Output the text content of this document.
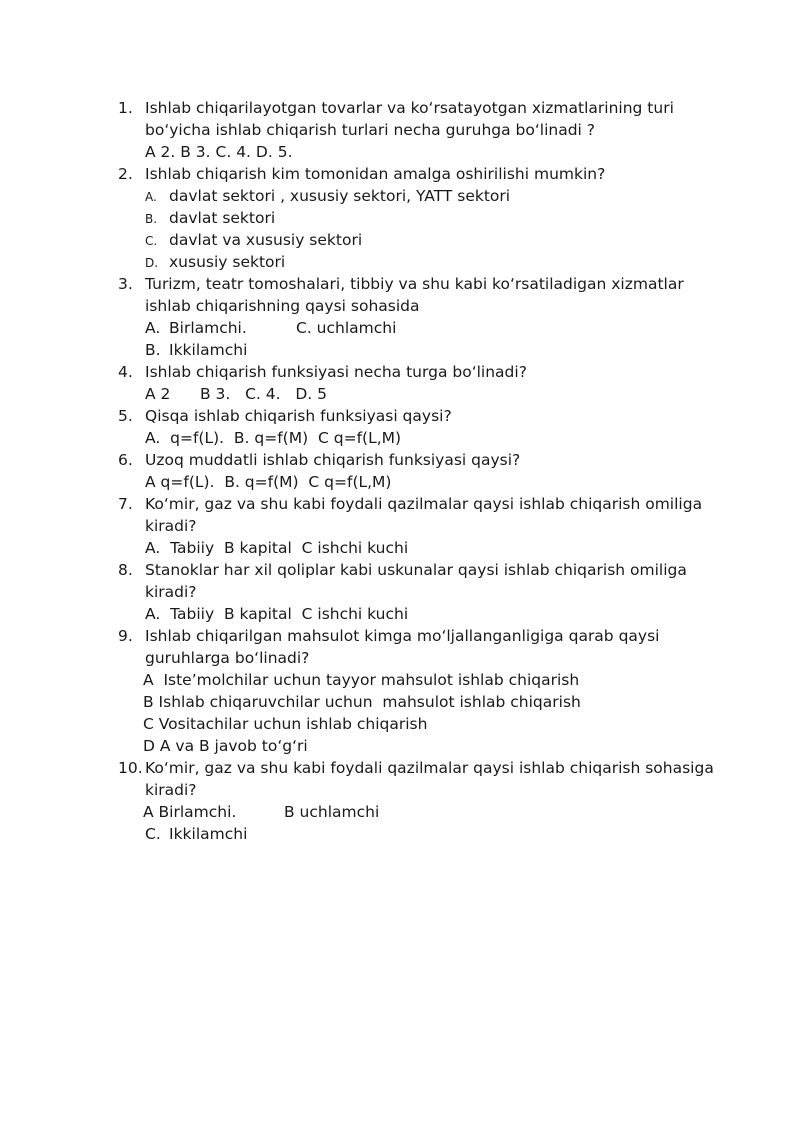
1. Ishlab chiqarilayotgan tovarlar va ko‘rsatayotgan xizmatlarining turi
bo‘yicha ishlab chiqarish turlari necha guruhga bo‘linadi ?
A 2. B 3. C. 4. D. 5.
2. Ishlab chiqarish kim tomonidan amalga oshirilishi mumkin?
A. davlat sektori , xususiy sektori, YATT sektori
B. davlat sektori
C. davlat va xususiy sektori
D. xususiy sektori
3. Turizm, teatr tomoshalari, tibbiy va shu kabi ko‘rsatiladigan xizmatlar
ishlab chiqarishning qaysi sohasida
A. Birlamchi.	C. uchlamchi
B. Ikkilamchi
4. Ishlab chiqarish funksiyasi necha turga bo‘linadi?
A 2      B 3.   C. 4.   D. 5
5. Qisqa ishlab chiqarish funksiyasi qaysi?
A.  q=f(L).  B. q=f(M)  C q=f(L,M)
6. Uzoq muddatli ishlab chiqarish funksiyasi qaysi?
A q=f(L).  B. q=f(M)  C q=f(L,M)
7. Ko‘mir, gaz va shu kabi foydali qazilmalar qaysi ishlab chiqarish omiliga
kiradi?
A.  Tabiiy  B kapital  C ishchi kuchi
8. Stanoklar har xil qoliplar kabi uskunalar qaysi ishlab chiqarish omiliga
kiradi?
A.  Tabiiy  B kapital  C ishchi kuchi
9. Ishlab chiqarilgan mahsulot kimga mo‘ljallanganligiga qarab qaysi
guruhlarga bo‘linadi?
A  Iste’molchilar uchun tayyor mahsulot ishlab chiqarish
B Ishlab chiqaruvchilar uchun  mahsulot ishlab chiqarish
C Vositachilar uchun ishlab chiqarish
D A va B javob to‘g‘ri
10. Ko‘mir, gaz va shu kabi foydali qazilmalar qaysi ishlab chiqarish sohasiga
kiradi?
A Birlamchi.	B uchlamchi
C. Ikkilamchi
